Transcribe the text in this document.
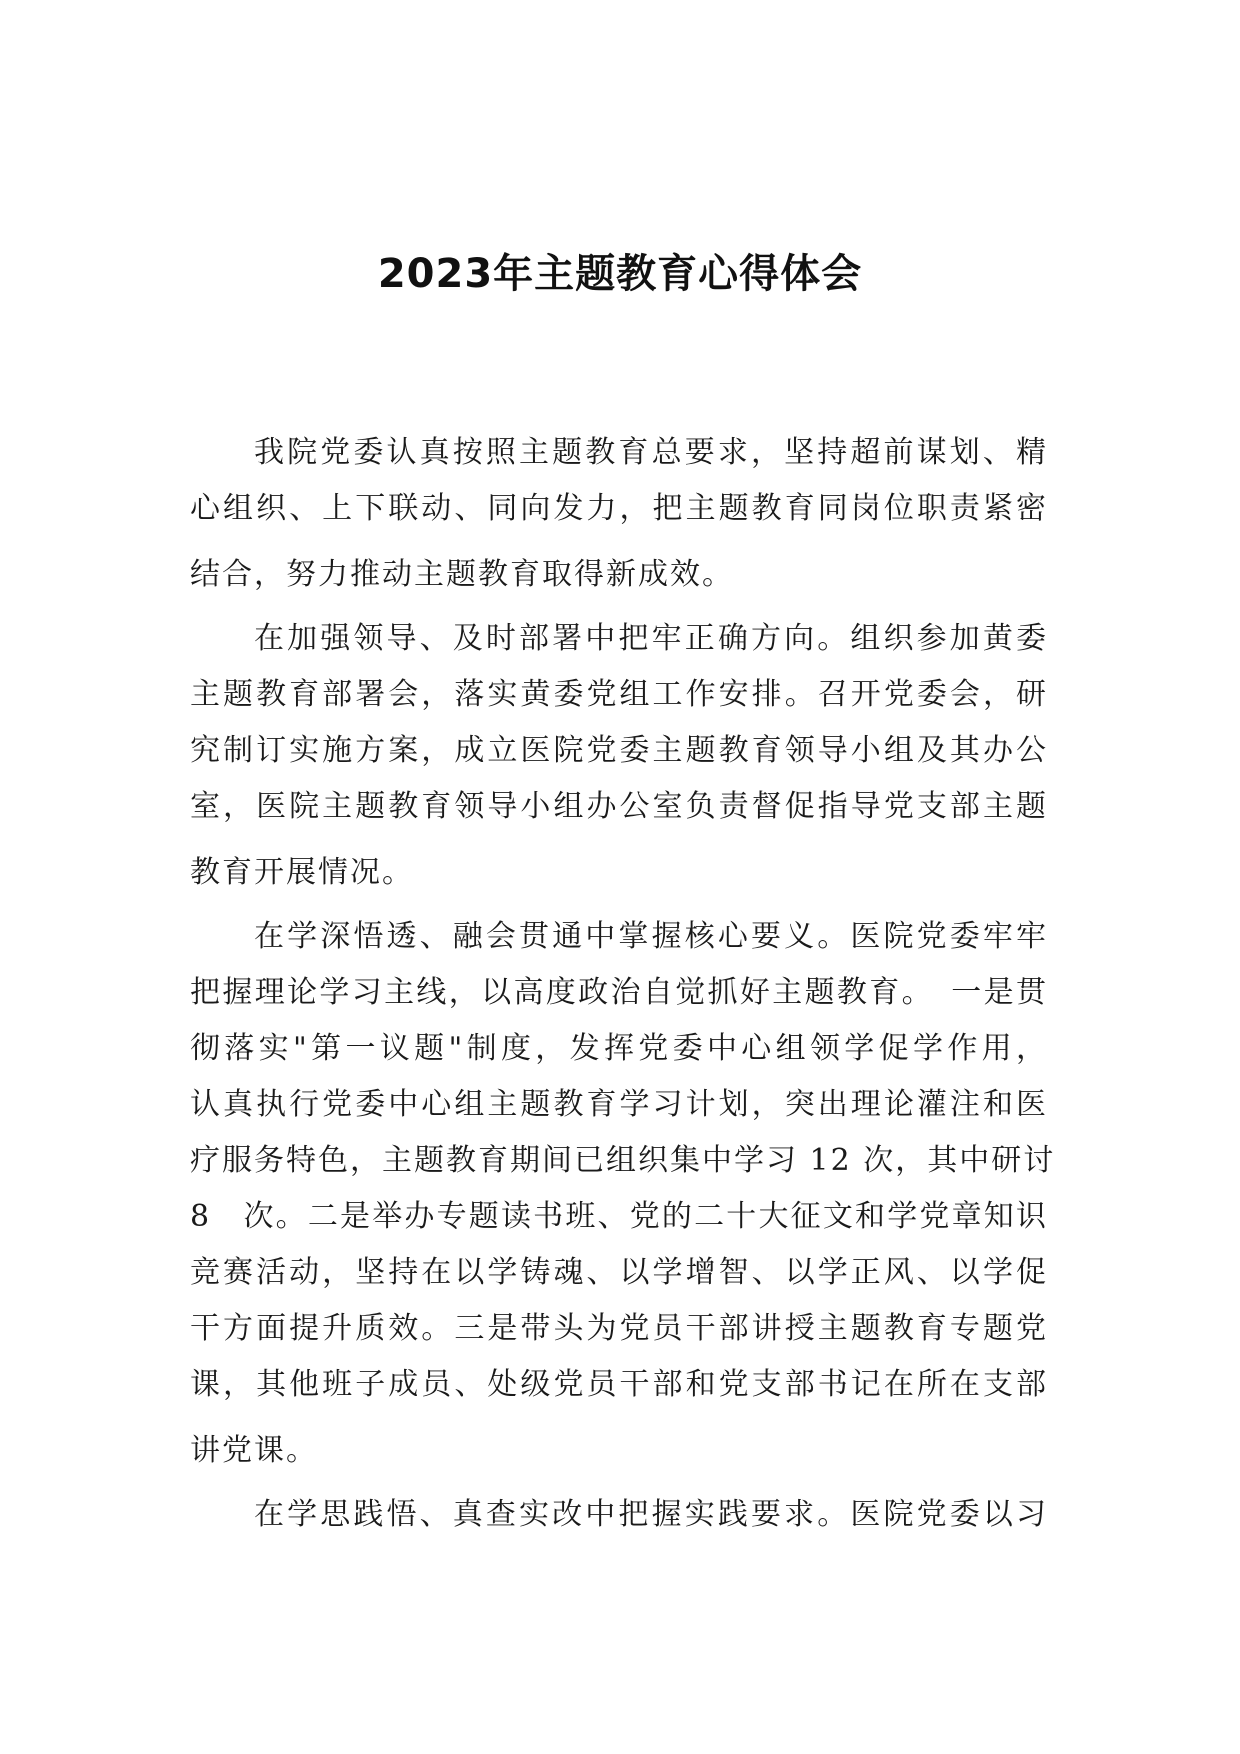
2023年主题教育心得体会
我院党委认真按照主题教育总要求，坚持超前谋划、精
心组织、上下联动、同向发力，把主题教育同岗位职责紧密
结合，努力推动主题教育取得新成效。
在加强领导、及时部署中把牢正确方向。组织参加黄委
主题教育部署会，落实黄委党组工作安排。召开党委会，研
究制订实施方案，成立医院党委主题教育领导小组及其办公
室，医院主题教育领导小组办公室负责督促指导党支部主题
教育开展情况。
在学深悟透、融会贯通中掌握核心要义。医院党委牢牢
把握理论学习主线，以高度政治自觉抓好主题教育。　一是贯
彻落实"第一议题"制度，发挥党委中心组领学促学作用，
认真执行党委中心组主题教育学习计划，突出理论灌注和医
疗服务特色，主题教育期间已组织集中学习 12 次，其中研讨
8　次。二是举办专题读书班、党的二十大征文和学党章知识
竞赛活动，坚持在以学铸魂、以学增智、以学正风、以学促
干方面提升质效。三是带头为党员干部讲授主题教育专题党
课，其他班子成员、处级党员干部和党支部书记在所在支部
讲党课。
在学思践悟、真查实改中把握实践要求。医院党委以习
